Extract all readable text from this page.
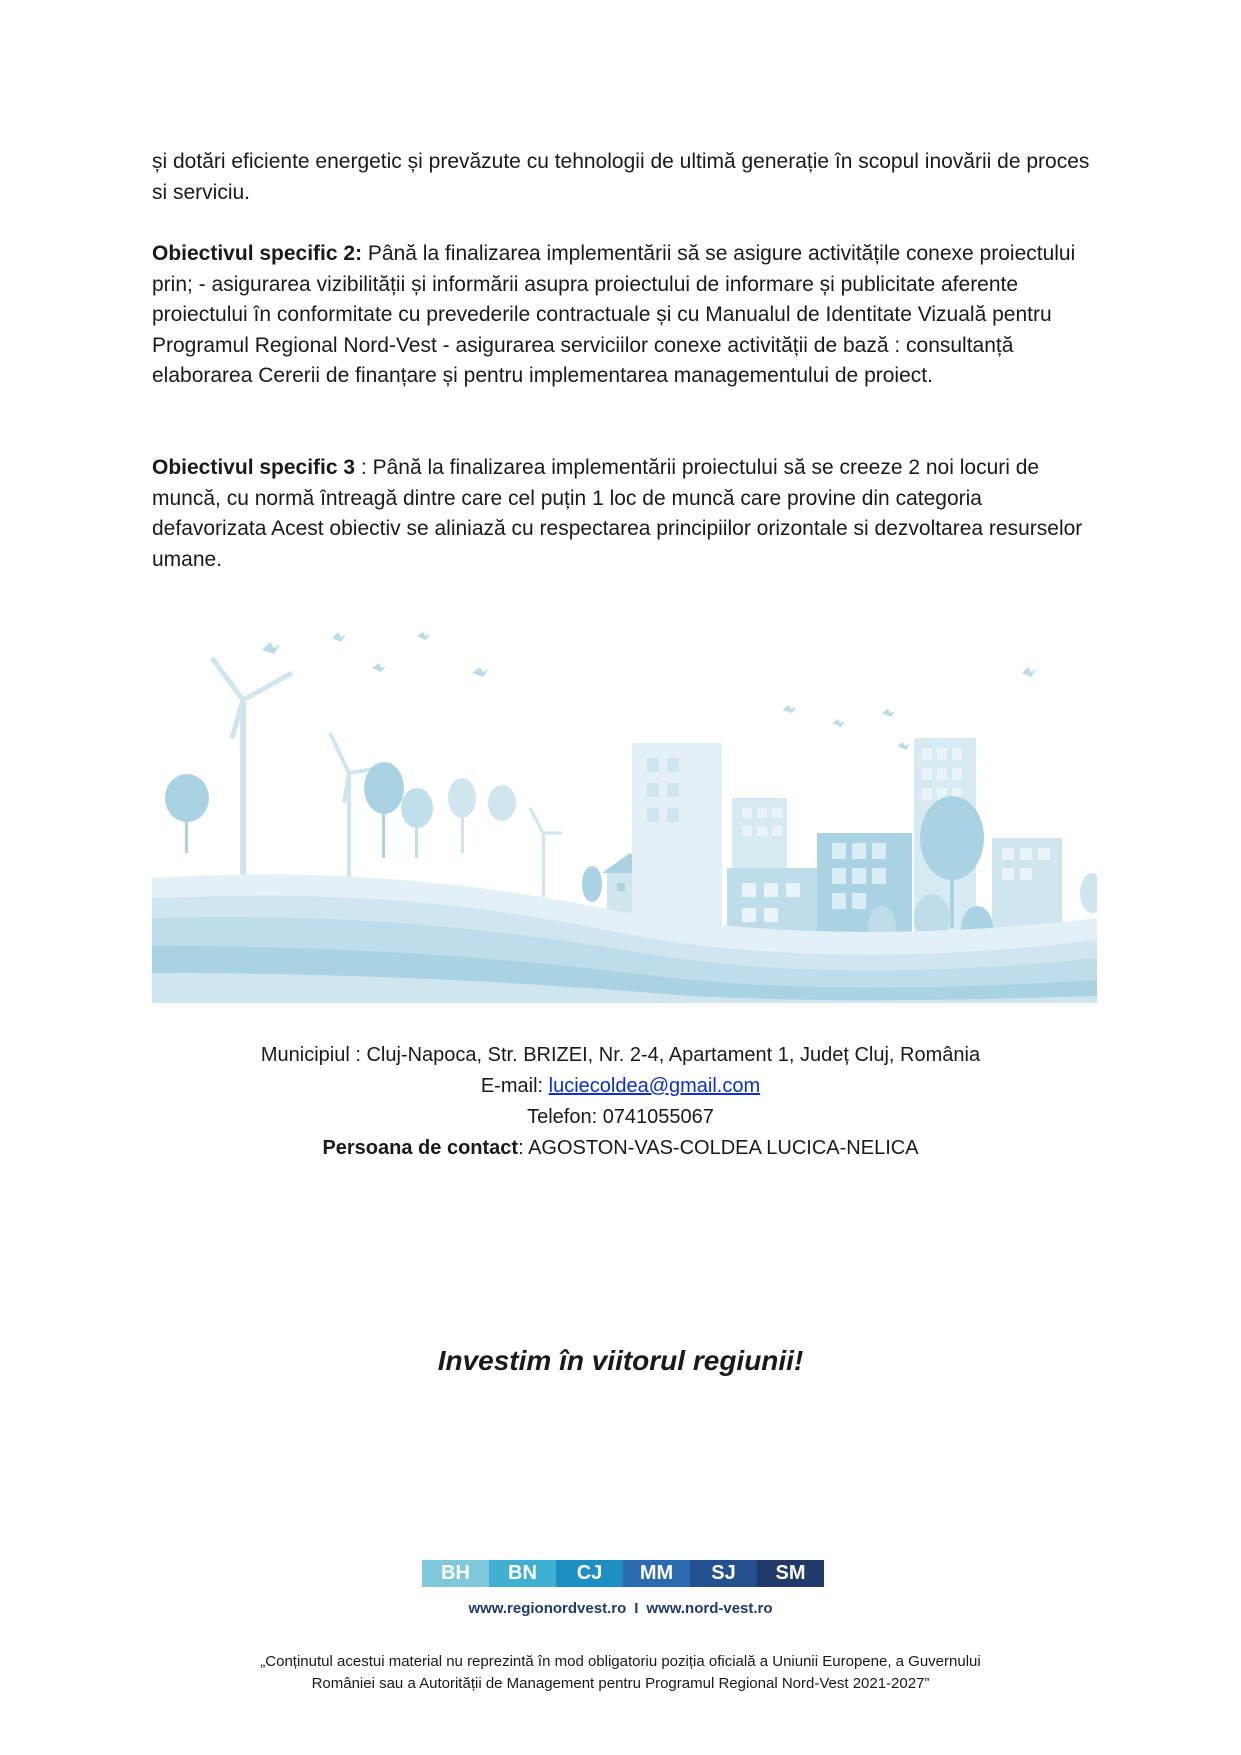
și dotări eficiente energetic și prevăzute cu tehnologii de ultimă generație în scopul inovării de proces si serviciu.

Obiectivul specific 2: Până la finalizarea implementării să se asigure activitățile conexe proiectului prin; - asigurarea vizibilității și informării asupra proiectului de informare și publicitate aferente proiectului în conformitate cu prevederile contractuale și cu Manualul de Identitate Vizuală pentru Programul Regional Nord-Vest - asigurarea serviciilor conexe activității de bază : consultanță elaborarea Cererii de finanțare și pentru implementarea managementului de proiect.

Obiectivul specific 3 : Până la finalizarea implementării proiectului să se creeze 2 noi locuri de muncă, cu normă întreagă dintre care cel puțin 1 loc de muncă care provine din categoria defavorizata Acest obiectiv se aliniază cu respectarea principiilor orizontale si dezvoltarea resurselor umane.

Municipiul : Cluj-Napoca, Str. BRIZEI, Nr. 2-4, Apartament 1, Județ Cluj, România
E-mail: luciecoldea@gmail.com
Telefon: 0741055067
Persoana de contact: AGOSTON-VAS-COLDEA LUCICA-NELICA
Investim în viitorul regiunii!
BH	BN	CJ	MM	SJ	SM
www.regionordvest.ro I www.nord-vest.ro
„Conținutul acestui material nu reprezintă în mod obligatoriu poziția oficială a Uniunii Europene, a Guvernului
României sau a Autorității de Management pentru Programul Regional Nord-Vest 2021-2027”
